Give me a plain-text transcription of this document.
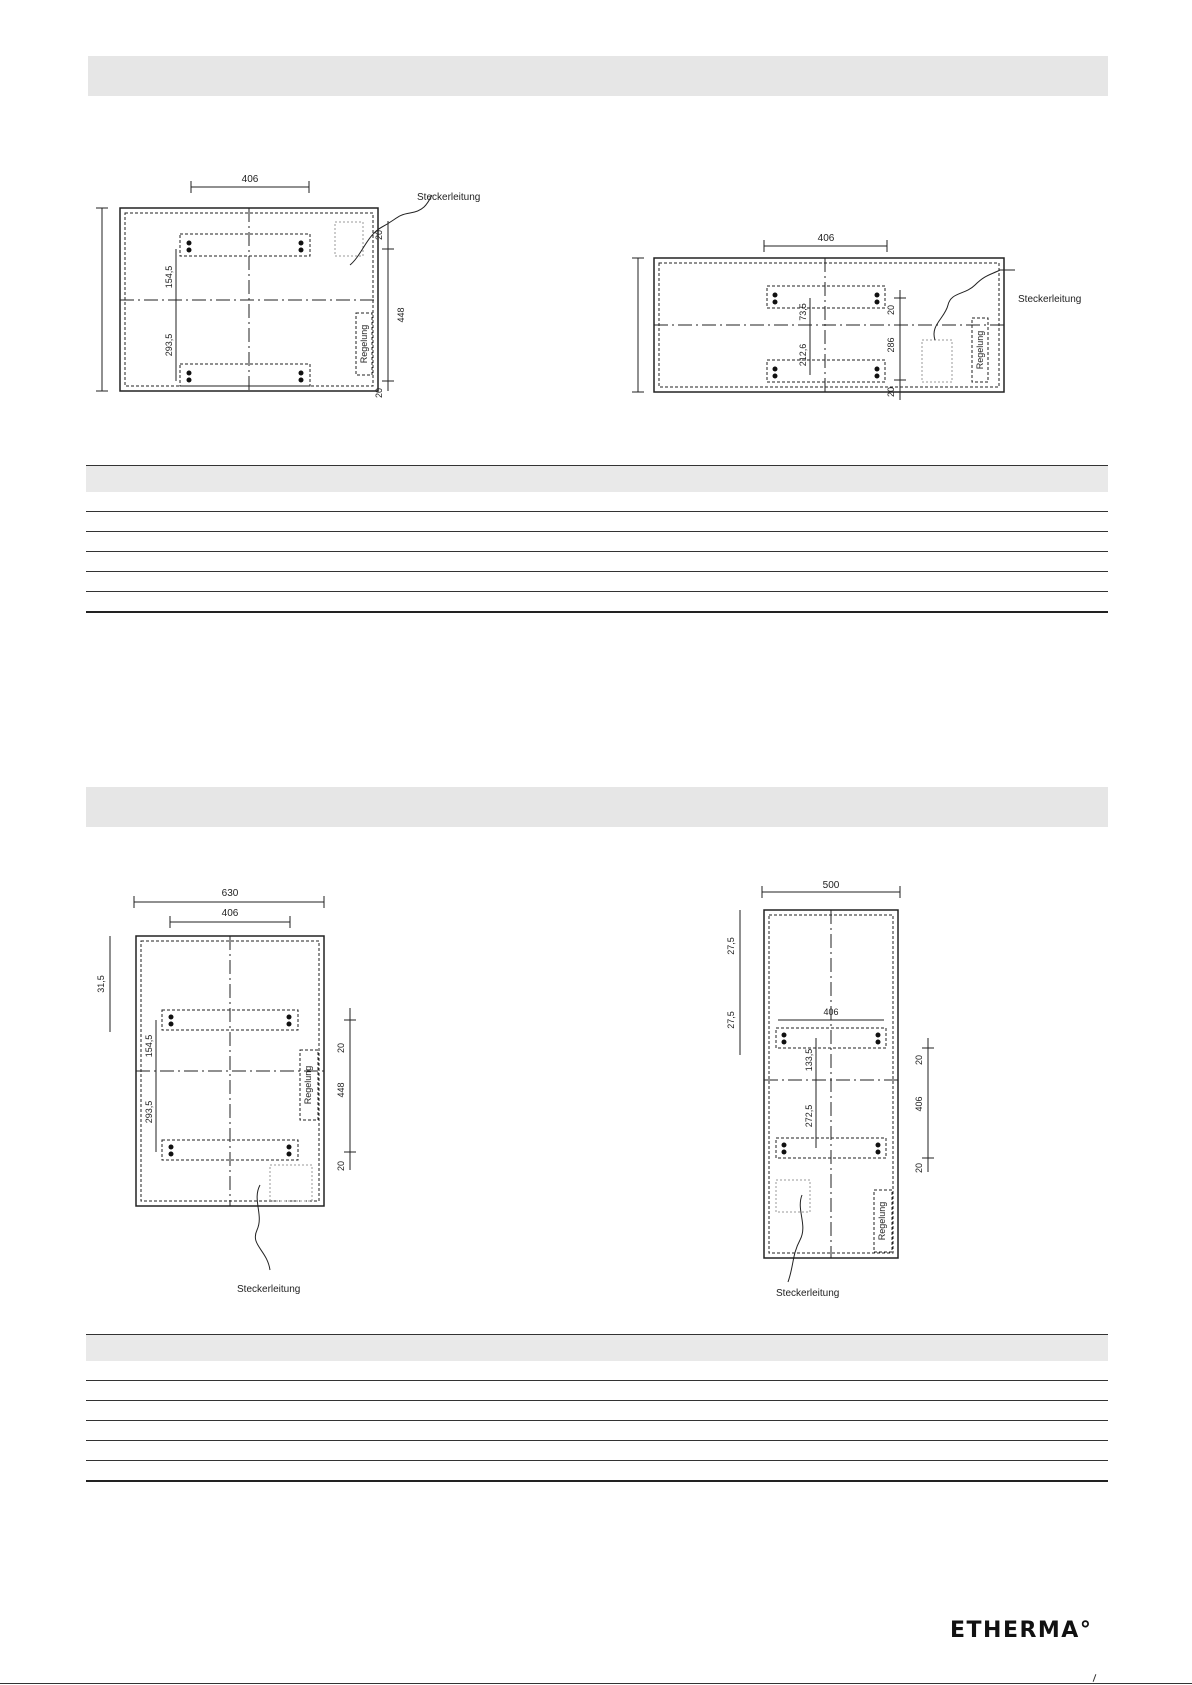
406
154,5
293,5	Regelung
20
448
20
Steckerleitung
406
73,5
212,6	Regelung
20
286
20
Steckerleitung
630
406
31,5
154,5
293,5
Regelung
20
448
20
Steckerleitung
500
27,5
27,5	406
133,5
272,5
Regelung
20
406
20
Steckerleitung
ETHERMA°
